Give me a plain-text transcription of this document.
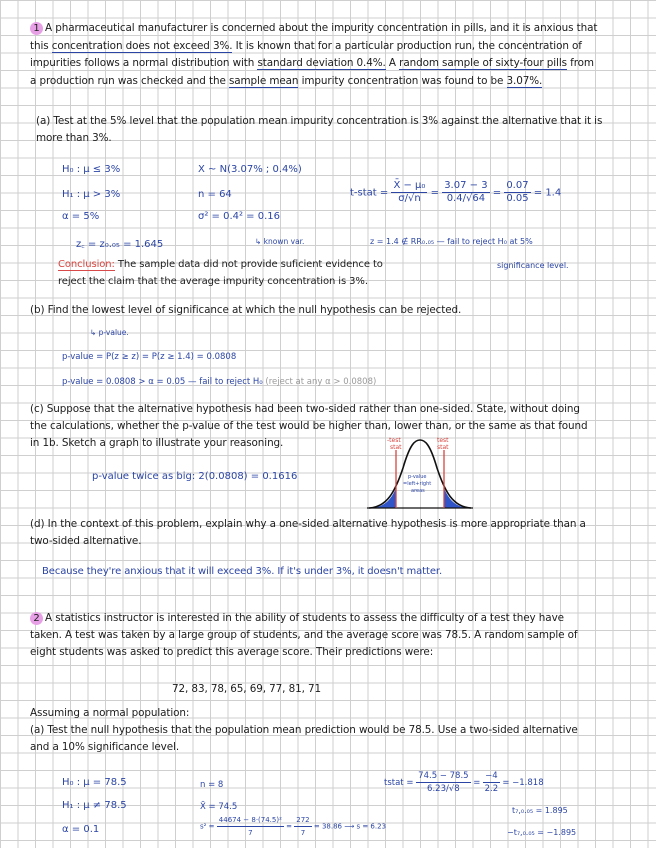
1 A pharmaceutical manufacturer is concerned about the impurity concentration in pills, and it is anxious that
this concentration does not exceed 3%. It is known that for a particular production run, the concentration of
impurities follows a normal distribution with standard deviation 0.4%. A random sample of sixty-four pills from
a production run was checked and the sample mean impurity concentration was found to be 3.07%.
(a) Test at the 5% level that the population mean impurity concentration is 3% against the alternative that it is
more than 3%.
H₀ : μ ≤ 3%
H₁ : μ > 3%
α = 5%
z꜀ = z₀.₀₅ = 1.645
X ~ N(3.07% ; 0.4%)
n = 64
σ² = 0.4² = 0.16
↳ known var.
t-stat = $\frac{\text{X̄ − μ₀}}{\sigma/√n} = \frac{3.07 - 3}{0.4/√64} = \frac{0.07}{0.05} = 1.4$
z = 1.4 ∉ RR₀.₀₅ — fail to reject H₀ at 5%
significance level.
Conclusion: The sample data did not provide suficient evidence to
reject the claim that the average impurity concentration is 3%.
(b) Find the lowest level of significance at which the null hypothesis can be rejected.
↳ p-value.
p-value = P(z ≥ z) = P(z ≥ 1.4) = 0.0808
p-value = 0.0808 > α = 0.05 — fail to reject H₀ (reject at any α > 0.0808)
(c) Suppose that the alternative hypothesis had been two-sided rather than one-sided. State, without doing
the calculations, whether the p-value of the test would be higher than, lower than, or the same as that found
in 1b. Sketch a graph to illustrate your reasoning.
p-value twice as big: 2(0.0808) = 0.1616
-test
stat
test
stat
p-value
=left+right
areas
(d) In the context of this problem, explain why a one-sided alternative hypothesis is more appropriate than a
two-sided alternative.
Because they're anxious that it will exceed 3%. If it's under 3%, it doesn't matter.
2 A statistics instructor is interested in the ability of students to assess the difficulty of a test they have
taken. A test was taken by a large group of students, and the average score was 78.5. A random sample of
eight students was asked to predict this average score. Their predictions were:
72, 83, 78, 65, 69, 77, 81, 71
Assuming a normal population:
(a) Test the null hypothesis that the population mean prediction would be 78.5. Use a two-sided alternative
and a 10% significance level.
H₀ : μ = 78.5
H₁ : μ ≠ 78.5
α = 0.1
n = 8
X̄ = 74.5
$s^2 = \frac{\text{44674 − 8·(74.5)²}}{7} = \frac{272}{7} = 38.86$ ⟶ s = 6.23
tstat = $\frac{74.5 - 78.5}{6.23/√8} = \frac{-4}{2.2} = -1.818$
t₇,₀.₀₅ = 1.895
−t₇,₀.₀₅ = −1.895
